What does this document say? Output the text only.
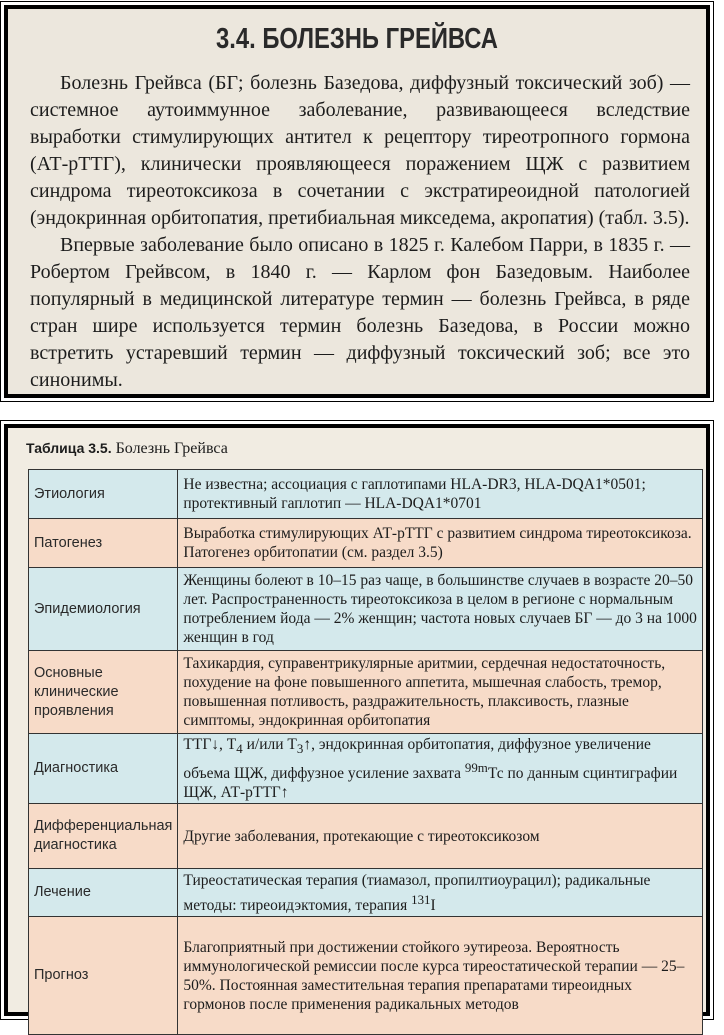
3.4. БОЛЕЗНЬ ГРЕЙВСА

Болезнь Грейвса (БГ; болезнь Базедова, диффузный токсический зоб) — системное аутоиммунное заболевание, развивающееся вследствие выработки стимулирующих антител к рецептору тиреотропного гормона (АТ-рТТГ), клинически проявляющееся поражением ЩЖ с развитием синдрома тиреотоксикоза в сочетании с экстратиреоидной патологией (эндокринная орбитопатия, претибиальная микседема, акропатия) (табл. 3.5).

Впервые заболевание было описано в 1825 г. Калебом Парри, в 1835 г. — Робертом Грейвсом, в 1840 г. — Карлом фон Базедовым. Наиболее популярный в медицинской литературе термин — болезнь Грейвса, в ряде стран шире используется термин болезнь Базедова, в России можно встретить устаревший термин — диффузный токсический зоб; все это синонимы.

Таблица 3.5. Болезнь Грейвса
Этиология	Не известна; ассоциация с гаплотипами HLA-DR3, HLA-DQA1*0501; протективный гаплотип — HLA-DQA1*0701
Патогенез	Выработка стимулирующих АТ-рТТГ с развитием синдрома тиреотоксикоза. Патогенез орбитопатии (см. раздел 3.5)
Эпидемиология	Женщины болеют в 10–15 раз чаще, в большинстве случаев в возрасте 20–50 лет. Распространенность тиреотоксикоза в целом в регионе с нормальным потреблением йода — 2% женщин; частота новых случаев БГ — до 3 на 1000 женщин в год
Основные клинические проявления	Тахикардия, суправентрикулярные аритмии, сердечная недостаточность, похудение на фоне повышенного аппетита, мышечная слабость, тремор, повышенная потливость, раздражительность, плаксивость, глазные симптомы, эндокринная орбитопатия
Диагностика	ТТГ↓, $Т_4$ и/или $Т_3↑$, эндокринная орбитопатия, диффузное увеличение объема ЩЖ, диффузное усиление захвата $^{99m}$Тс по данным сцинтиграфии ЩЖ, АТ-рТТГ↑
Дифференциальная диагностика	Другие заболевания, протекающие с тиреотоксикозом
Лечение	Тиреостатическая терапия (тиамазол, пропилтиоурацил); радикальные методы: тиреоидэктомия, терапия $^{131}$I
Прогноз	Благоприятный при достижении стойкого эутиреоза. Вероятность иммунологической ремиссии после курса тиреостатической терапии — 25–50%. Постоянная заместительная терапия препаратами тиреоидных гормонов после применения радикальных методов
